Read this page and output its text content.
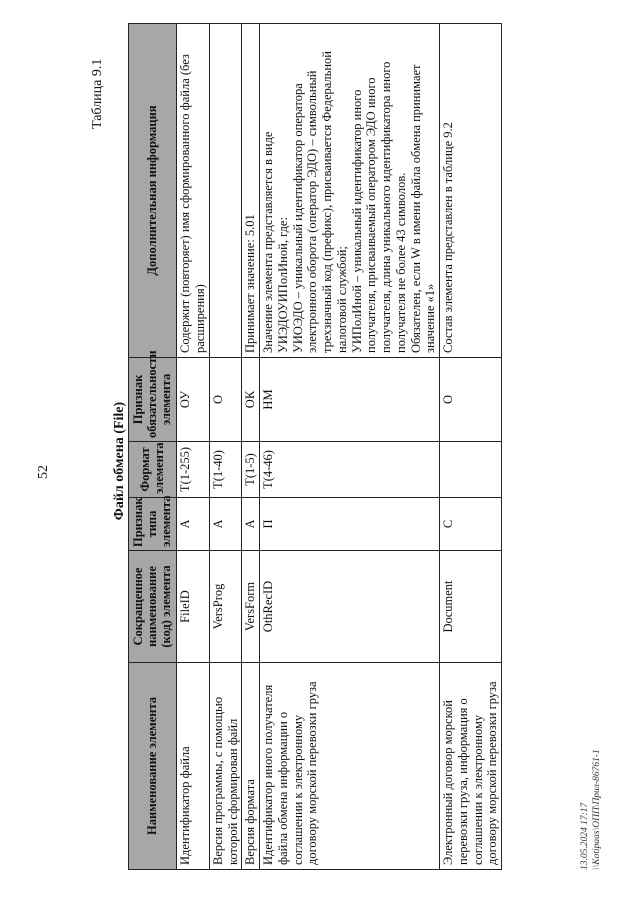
52
Таблица 9.1
Файл обмена (File)
Наименование элемента	Сокращенное наименование (код) элемента	Признак типа элемента	Формат элемента	Признак обязательности элемента	Дополнительная информация
Идентификатор файла	FileID	А	T(1-255)	ОУ	Содержит (повторяет) имя сформированного файла (без расширения)

Версия программы, с помощью которой сформирован файл	VersProg	А	T(1-40)	О	

Версия формата	VersForm	А	T(1-5)	ОК	Принимает значение: 5.01

Идентификатор иного получателя файла обмена информации о соглашении к электронному договору морской перевозки груза	OthRecID	П	T(4-46)	НМ	Значение элемента представляется в виде УИЭДОУИПолИной, где: УИОЭДО – уникальный идентификатор оператора электронного оборота (оператор ЭДО) – символьный трехзначный код (префикс), присваивается Федеральной налоговой службой; УИПолИной – уникальный идентификатор иного получателя, присваиваемый оператором ЭДО иного получателя, длина уникального идентификатора иного получателя не более 43 символов. Обязателен, если W в имени файла обмена принимает значение «1»

Электронный договор морской перевозки груза, информация о соглашении к электронному договору морской перевозки груза	Document	С		О	Состав элемента представлен в таблице 9.2
13.05.2024 17:17 \\Kotipaas\ОПП\Прил-86761-1
